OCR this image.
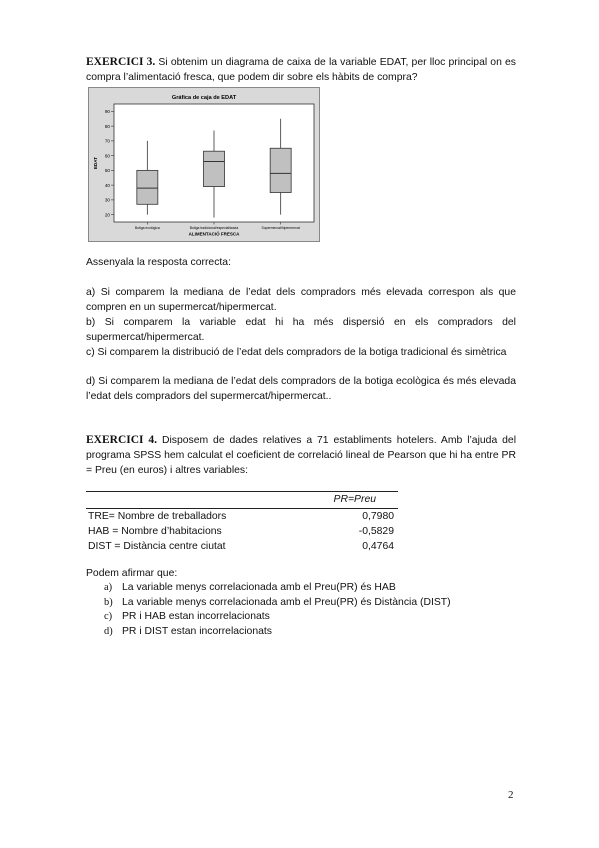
EXERCICI 3. Si obtenim un diagrama de caixa de la variable EDAT, per lloc principal on es compra l’alimentació fresca, que podem dir sobre els hàbits de compra?

Gráfica de caja de EDAT
EDAT
20
30
40
50
60
70
80
90
Botiga ecològica	Botiga tradicional/especialitzada	Supermercat/hipermercat
ALIMENTACIÓ FRESCA

Assenyala la resposta correcta:

a) Si comparem la mediana de l’edat dels compradors més elevada correspon als que compren en un supermercat/hipermercat.

b) Si comparem la variable edat hi ha més dispersió en els compradors del supermercat/hipermercat.

c) Si comparem la distribució de l’edat dels compradors de la botiga tradicional és simètrica

d) Si comparem la mediana de l’edat dels compradors de la botiga ecològica és més elevada l’edat dels compradors del supermercat/hipermercat..

EXERCICI 4. Disposem de dades relatives a 71 establiments hotelers. Amb l’ajuda del programa SPSS hem calculat el coeficient de correlació lineal de Pearson que hi ha entre PR = Preu (en euros) i altres variables:

PR=Preu
TRE= Nombre de treballadors	0,7980
HAB = Nombre d’habitacions	-0,5829
DIST = Distància centre ciutat	0,4764

Podem afirmar que:

a) La variable menys correlacionada amb el Preu(PR) és HAB
b) La variable menys correlacionada amb el Preu(PR) és Distància (DIST)
c) PR i HAB estan incorrelacionats
d) PR i DIST estan incorrelacionats
2
